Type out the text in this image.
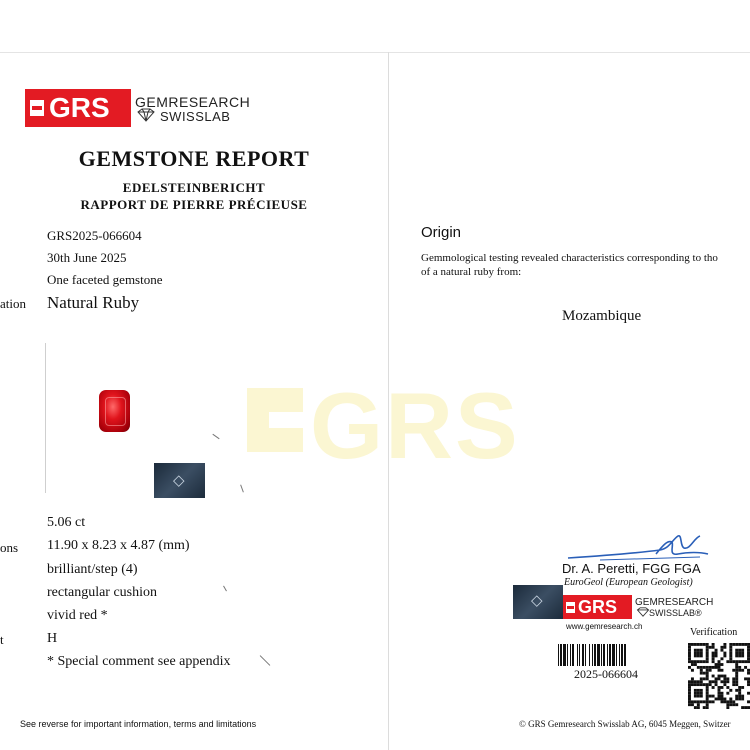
GRS
GRS GEMRESEARCH
SWISSLAB
GEMSTONE REPORT
EDELSTEINBERICHT
RAPPORT DE PIERRE PRÉCIEUSE
GRS2025-066604
30th June 2025
One faceted gemstone
ation Natural Ruby
◇
5.06 ct
ons 11.90 x 8.23 x 4.87 (mm)
brilliant/step (4)
rectangular cushion
vivid red *
t	H
* Special comment see appendix
See reverse for important information, terms and limitations
Origin
Gemmological testing revealed characteristics corresponding to tho
of a natural ruby from:
Mozambique
Dr. A. Peretti, FGG FGA
EuroGeol (European Geologist)
◇ GRS GEMRESEARCH
SWISSLAB®
www.gemresearch.ch
Verification
2025-066604
© GRS Gemresearch Swisslab AG, 6045 Meggen, Switzer
